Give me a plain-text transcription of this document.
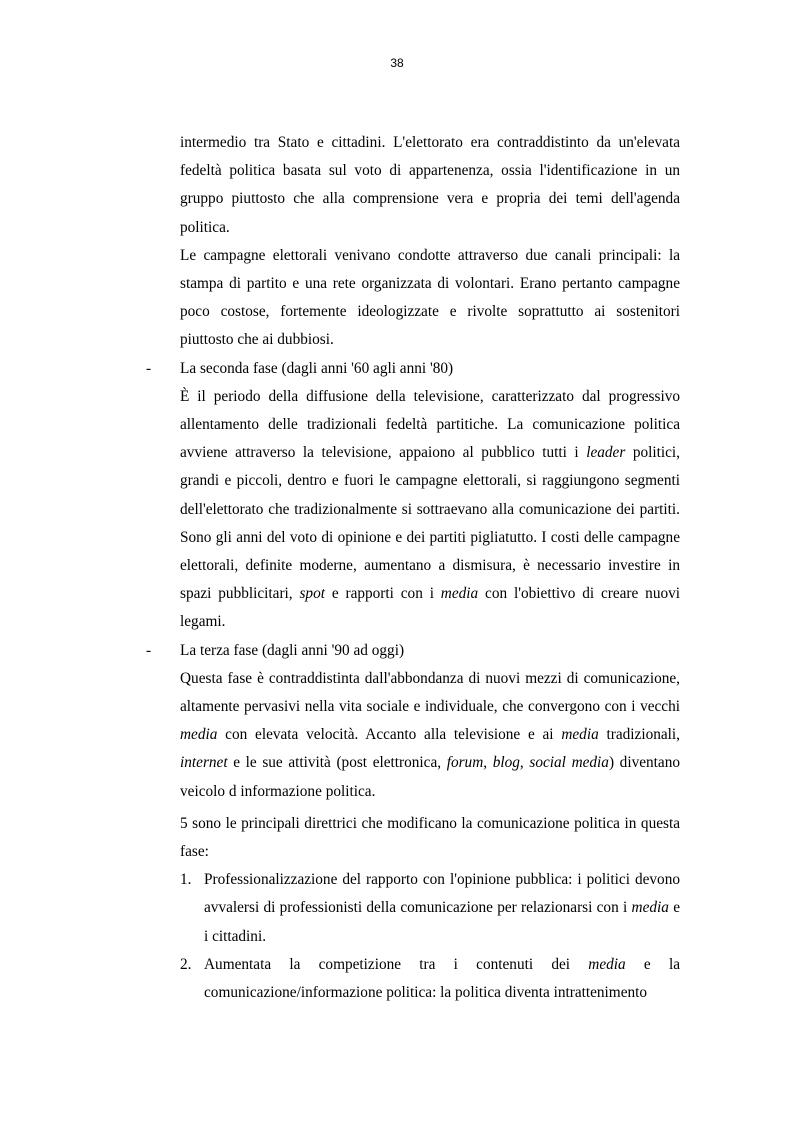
38

intermedio tra Stato e cittadini. L'elettorato era contraddistinto da un'elevata fedeltà politica basata sul voto di appartenenza, ossia l'identificazione in un gruppo piuttosto che alla comprensione vera e propria dei temi dell'agenda politica.

Le campagne elettorali venivano condotte attraverso due canali principali: la stampa di partito e una rete organizzata di volontari. Erano pertanto campagne poco costose, fortemente ideologizzate e rivolte soprattutto ai sostenitori piuttosto che ai dubbiosi.

- La seconda fase (dagli anni '60 agli anni '80)

È il periodo della diffusione della televisione, caratterizzato dal progressivo allentamento delle tradizionali fedeltà partitiche. La comunicazione politica avviene attraverso la televisione, appaiono al pubblico tutti i leader politici, grandi e piccoli, dentro e fuori le campagne elettorali, si raggiungono segmenti dell'elettorato che tradizionalmente si sottraevano alla comunicazione dei partiti. Sono gli anni del voto di opinione e dei partiti pigliatutto. I costi delle campagne elettorali, definite moderne, aumentano a dismisura, è necessario investire in spazi pubblicitari, spot e rapporti con i media con l'obiettivo di creare nuovi legami.

- La terza fase (dagli anni '90 ad oggi)

Questa fase è contraddistinta dall'abbondanza di nuovi mezzi di comunicazione, altamente pervasivi nella vita sociale e individuale, che convergono con i vecchi media con elevata velocità. Accanto alla televisione e ai media tradizionali, internet e le sue attività (post elettronica, forum, blog, social media) diventano veicolo d informazione politica.

5 sono le principali direttrici che modificano la comunicazione politica in questa fase:

1. Professionalizzazione del rapporto con l'opinione pubblica: i politici devono avvalersi di professionisti della comunicazione per relazionarsi con i media e i cittadini.

2. Aumentata la competizione tra i contenuti dei media e la comunicazione/informazione politica: la politica diventa intrattenimento
